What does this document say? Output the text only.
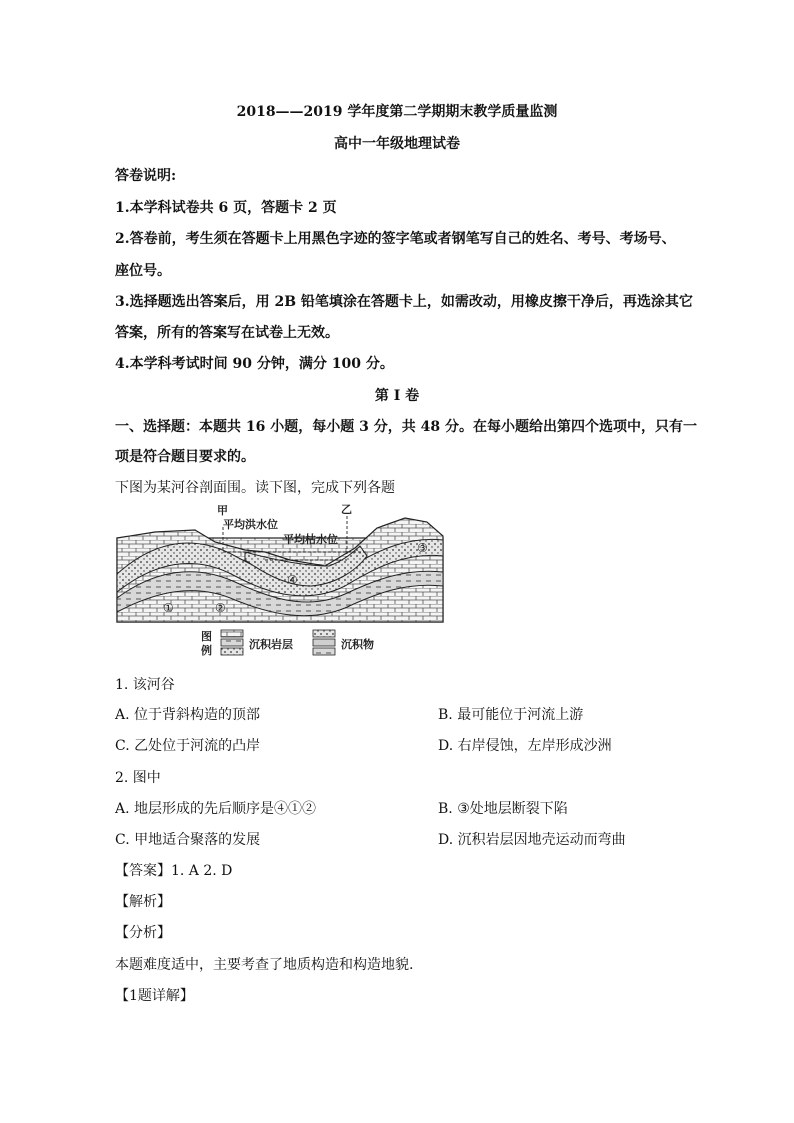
2018——2019 学年度第二学期期末教学质量监测
高中一年级地理试卷
答卷说明:
1.本学科试卷共 6 页，答题卡 2 页
2.答卷前，考生须在答题卡上用黑色字迹的签字笔或者钢笔写自己的姓名、考号、考场号、
座位号。
3.选择题选出答案后，用 2B 铅笔填涂在答题卡上，如需改动，用橡皮擦干净后，再选涂其它
答案，所有的答案写在试卷上无效。
4.本学科考试时间 90 分钟，满分 100 分。
第 I 卷
一、选择题：本题共 16 小题，每小题 3 分，共 48 分。在每小题给出第四个选项中，只有一
项是符合题目要求的。
下图为某河谷剖面围。读下图，完成下列各题
甲	乙
平均洪水位
平均枯水位
①	②
③
④
图
例	沉积岩层	沉积物
1. 该河谷
A. 位于背斜构造的顶部	B. 最可能位于河流上游
C. 乙处位于河流的凸岸	D. 右岸侵蚀，左岸形成沙洲
2. 图中
A. 地层形成的先后顺序是④①②	B. ③处地层断裂下陷
C. 甲地适合聚落的发展	D. 沉积岩层因地壳运动而弯曲
【答案】1. A 2. D
【解析】
【分析】
本题难度适中，主要考查了地质构造和构造地貌.
【1题详解】
